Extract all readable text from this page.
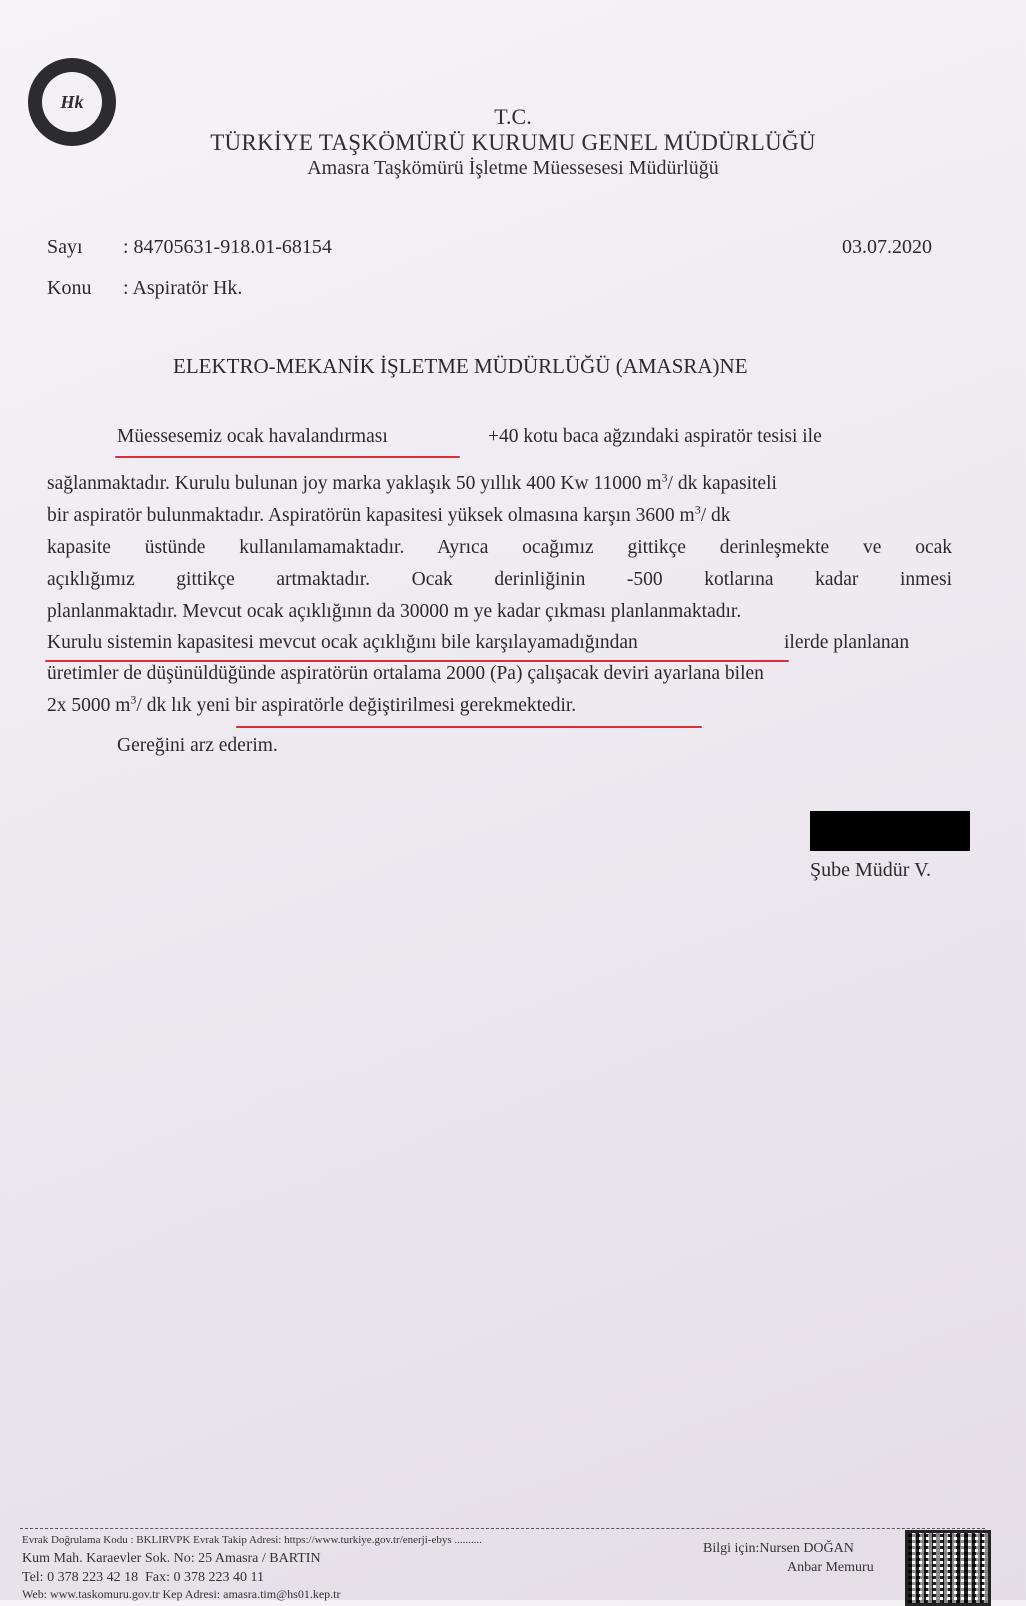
Hk

T.C.

TÜRKİYE TAŞKÖMÜRÜ KURUMU GENEL MÜDÜRLÜĞÜ

Amasra Taşkömürü İşletme Müessesesi Müdürlüğü

Sayı : 84705631-918.01-68154	03.07.2020

Konu : Aspiratör Hk.

ELEKTRO-MEKANİK İŞLETME MÜDÜRLÜĞÜ (AMASRA)NE

Müessesemiz ocak havalandırması	+40 kotu baca ağzındaki aspiratör tesisi ile

sağlanmaktadır. Kurulu bulunan joy marka yaklaşık 50 yıllık 400 Kw 11000 $m^3/$ dk kapasiteli

bir aspiratör bulunmaktadır. Aspiratörün kapasitesi yüksek olmasına karşın 3600 $m^3/$ dk

kapasite üstünde kullanılamamaktadır. Ayrıca ocağımız gittikçe derinleşmekte ve ocak

açıklığımız gittikçe artmaktadır. Ocak derinliğinin -500 kotlarına kadar inmesi

planlanmaktadır. Mevcut ocak açıklığının da 30000 m ye kadar çıkması planlanmaktadır.

Kurulu sistemin kapasitesi mevcut ocak açıklığını bile karşılayamadığından	ilerde planlanan

üretimler de düşünüldüğünde aspiratörün ortalama 2000 (Pa) çalışacak deviri ayarlana bilen

2x 5000 $m^3/$ dk lık yeni bir aspiratörle değiştirilmesi gerekmektedir.

Gereğini arz ederim.

Şube Müdür V.

Evrak Doğrulama Kodu : BKLIRVPK Evrak Takip Adresi: https://www.turkiye.gov.tr/enerji-ebys ..........

Kum Mah. Karaevler Sok. No: 25 Amasra / BARTIN

Tel: 0 378 223 42 18 Fax: 0 378 223 40 11

Web: www.taskomuru.gov.tr Kep Adresi: amasra.tim@hs01.kep.tr

Bilgi için:Nursen DOĞAN

Anbar Memuru
